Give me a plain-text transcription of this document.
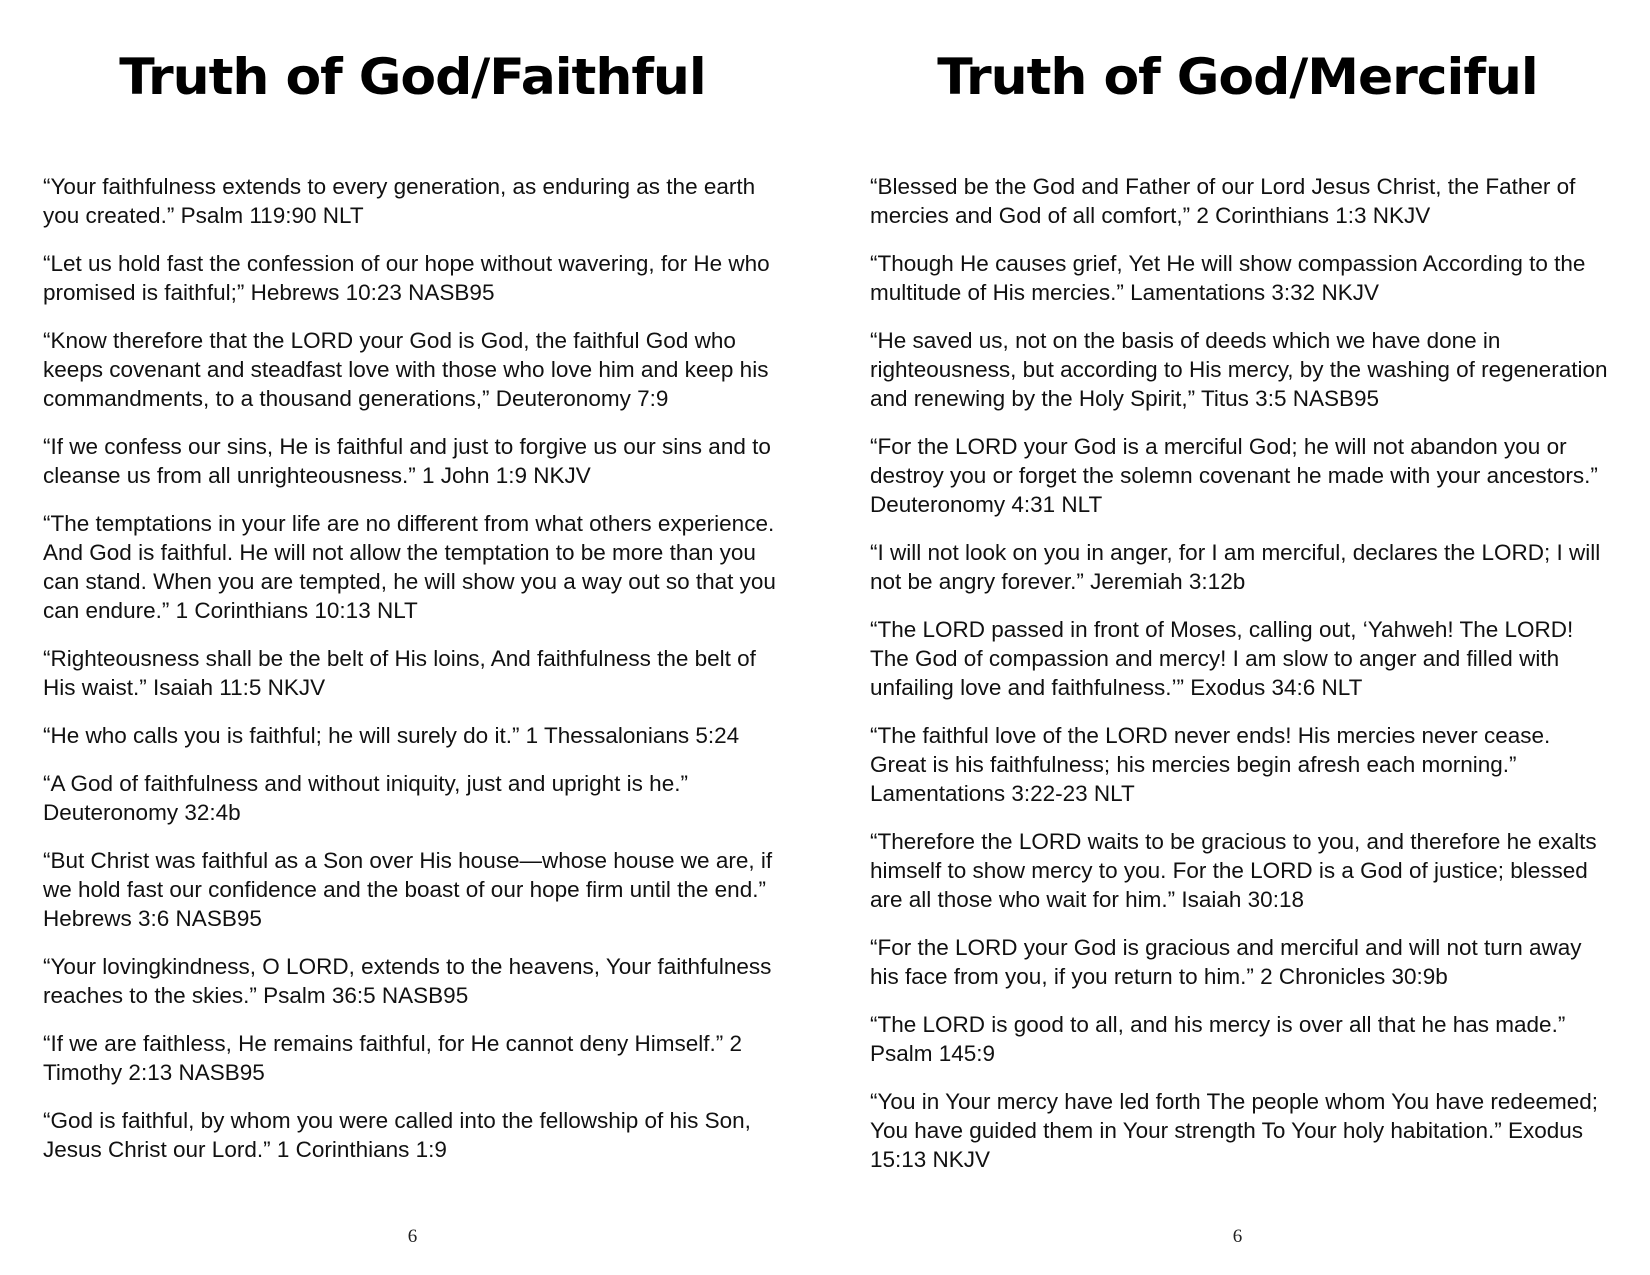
Truth of God/Faithful

“Your faithfulness extends to every generation, as enduring as the earth you created.” Psalm 119:90 NLT

“Let us hold fast the confession of our hope without wavering, for He who promised is faithful;” Hebrews 10:23 NASB95

“Know therefore that the LORD your God is God, the faithful God who keeps covenant and steadfast love with those who love him and keep his commandments, to a thousand generations,” Deuteronomy 7:9

“If we confess our sins, He is faithful and just to forgive us our sins and to cleanse us from all unrighteousness.” 1 John 1:9 NKJV

“The temptations in your life are no different from what others experience. And God is faithful. He will not allow the temptation to be more than you can stand. When you are tempted, he will show you a way out so that you can endure.” 1 Corinthians 10:13 NLT

“Righteousness shall be the belt of His loins, And faithfulness the belt of His waist.” Isaiah 11:5 NKJV

“He who calls you is faithful; he will surely do it.” 1 Thessalonians 5:24

“A God of faithfulness and without iniquity, just and upright is he.” Deuteronomy 32:4b

“But Christ was faithful as a Son over His house—whose house we are, if we hold fast our confidence and the boast of our hope firm until the end.” Hebrews 3:6 NASB95

“Your lovingkindness, O LORD, extends to the heavens, Your faithfulness reaches to the skies.” Psalm 36:5 NASB95

“If we are faithless, He remains faithful, for He cannot deny Himself.” 2 Timothy 2:13 NASB95

“God is faithful, by whom you were called into the fellowship of his Son, Jesus Christ our Lord.” 1 Corinthians 1:9

6
Truth of God/Merciful

“Blessed be the God and Father of our Lord Jesus Christ, the Father of mercies and God of all comfort,” 2 Corinthians 1:3 NKJV

“Though He causes grief, Yet He will show compassion According to the multitude of His mercies.” Lamentations 3:32 NKJV

“He saved us, not on the basis of deeds which we have done in righteousness, but according to His mercy, by the washing of regeneration and renewing by the Holy Spirit,” Titus 3:5 NASB95

“For the LORD your God is a merciful God; he will not abandon you or destroy you or forget the solemn covenant he made with your ancestors.” Deuteronomy 4:31 NLT

“I will not look on you in anger, for I am merciful, declares the LORD; I will not be angry forever.” Jeremiah 3:12b

“The LORD passed in front of Moses, calling out, ‘Yahweh! The LORD! The God of compassion and mercy! I am slow to anger and filled with unfailing love and faithfulness.’” Exodus 34:6 NLT

“The faithful love of the LORD never ends! His mercies never cease. Great is his faithfulness; his mercies begin afresh each morning.” Lamentations 3:22-23 NLT

“Therefore the LORD waits to be gracious to you, and therefore he exalts himself to show mercy to you. For the LORD is a God of justice; blessed are all those who wait for him.” Isaiah 30:18

“For the LORD your God is gracious and merciful and will not turn away his face from you, if you return to him.” 2 Chronicles 30:9b

“The LORD is good to all, and his mercy is over all that he has made.” Psalm 145:9

“You in Your mercy have led forth The people whom You have redeemed; You have guided them in Your strength To Your holy habitation.” Exodus 15:13 NKJV

6
